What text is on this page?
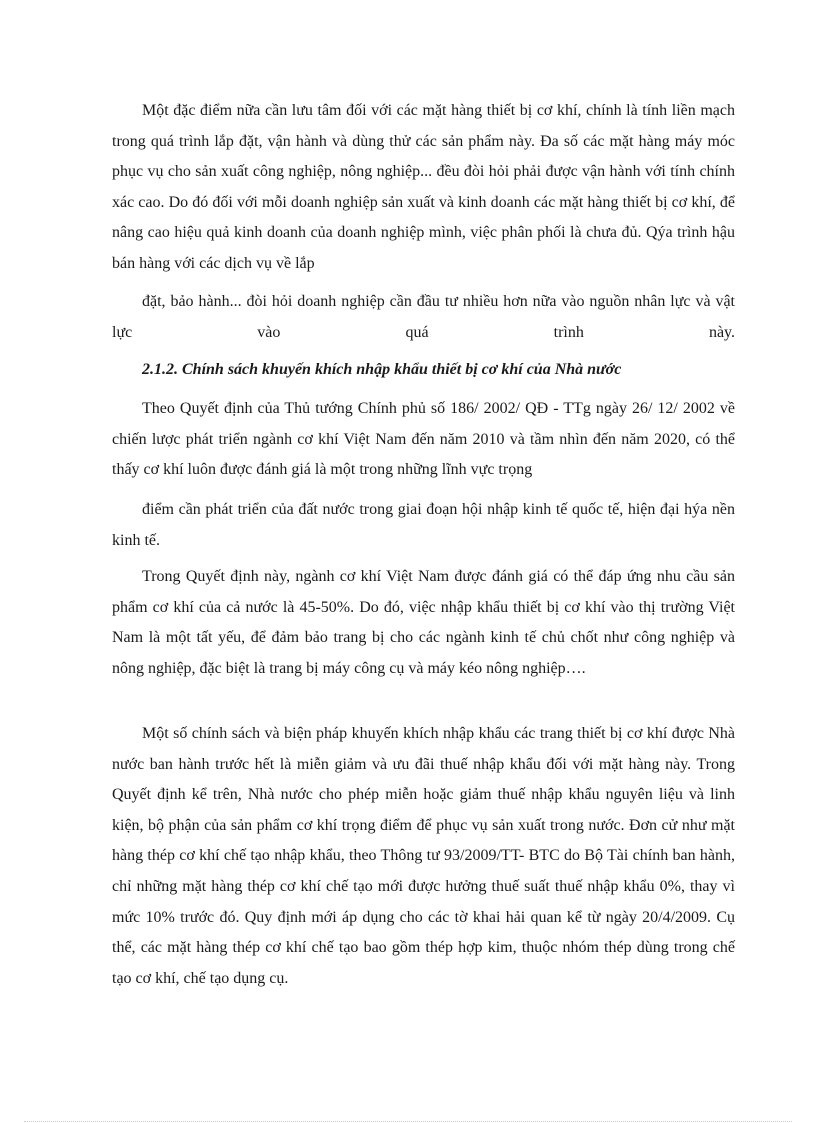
Một đặc điểm nữa cần lưu tâm đối với các mặt hàng thiết bị cơ khí, chính là tính liền mạch trong quá trình lắp đặt, vận hành và dùng thử các sản phẩm này. Đa số các mặt hàng máy móc phục vụ cho sản xuất công nghiệp, nông nghiệp... đều đòi hỏi phải được vận hành với tính chính xác cao. Do đó đối với mỗi doanh nghiệp sản xuất và kinh doanh các mặt hàng thiết bị cơ khí, để nâng cao hiệu quả kinh doanh của doanh nghiệp mình, việc phân phối là chưa đủ. Qýa trình hậu bán hàng với các dịch vụ về lắp

đặt, bảo hành... đòi hỏi doanh nghiệp cần đầu tư nhiều hơn nữa vào nguồn nhân lực và vật lực vào quá trình này.

2.1.2. Chính sách khuyến khích nhập khẩu thiết bị cơ khí của Nhà nước

Theo Quyết định của Thủ tướng Chính phủ số 186/ 2002/ QĐ - TTg ngày 26/ 12/ 2002 về chiến lược phát triển ngành cơ khí Việt Nam đến năm 2010 và tầm nhìn đến năm 2020, có thể thấy cơ khí luôn được đánh giá là một trong những lĩnh vực trọng

điểm cần phát triển của đất nước trong giai đoạn hội nhập kinh tế quốc tế, hiện đại hýa nền kinh tế.

Trong Quyết định này, ngành cơ khí Việt Nam được đánh giá có thể đáp ứng nhu cầu sản phẩm cơ khí của cả nước là 45-50%. Do đó, việc nhập khẩu thiết bị cơ khí vào thị trường Việt Nam là một tất yếu, để đảm bảo trang bị cho các ngành kinh tế chủ chốt như công nghiệp và nông nghiệp, đặc biệt là trang bị máy công cụ và máy kéo nông nghiệp….

Một số chính sách và biện pháp khuyến khích nhập khẩu các trang thiết bị cơ khí được Nhà nước ban hành trước hết là miễn giảm và ưu đãi thuế nhập khẩu đối với mặt hàng này. Trong Quyết định kể trên, Nhà nước cho phép miễn hoặc giảm thuế nhập khẩu nguyên liệu và linh kiện, bộ phận của sản phẩm cơ khí trọng điểm để phục vụ sản xuất trong nước. Đơn cử như mặt hàng thép cơ khí chế tạo nhập khẩu, theo Thông tư 93/2009/TT- BTC do Bộ Tài chính ban hành, chỉ những mặt hàng thép cơ khí chế tạo mới được hưởng thuế suất thuế nhập khẩu 0%, thay vì mức 10% trước đó. Quy định mới áp dụng cho các tờ khai hải quan kể từ ngày 20/4/2009. Cụ thể, các mặt hàng thép cơ khí chế tạo bao gồm thép hợp kim, thuộc nhóm thép dùng trong chế tạo cơ khí, chế tạo dụng cụ.
